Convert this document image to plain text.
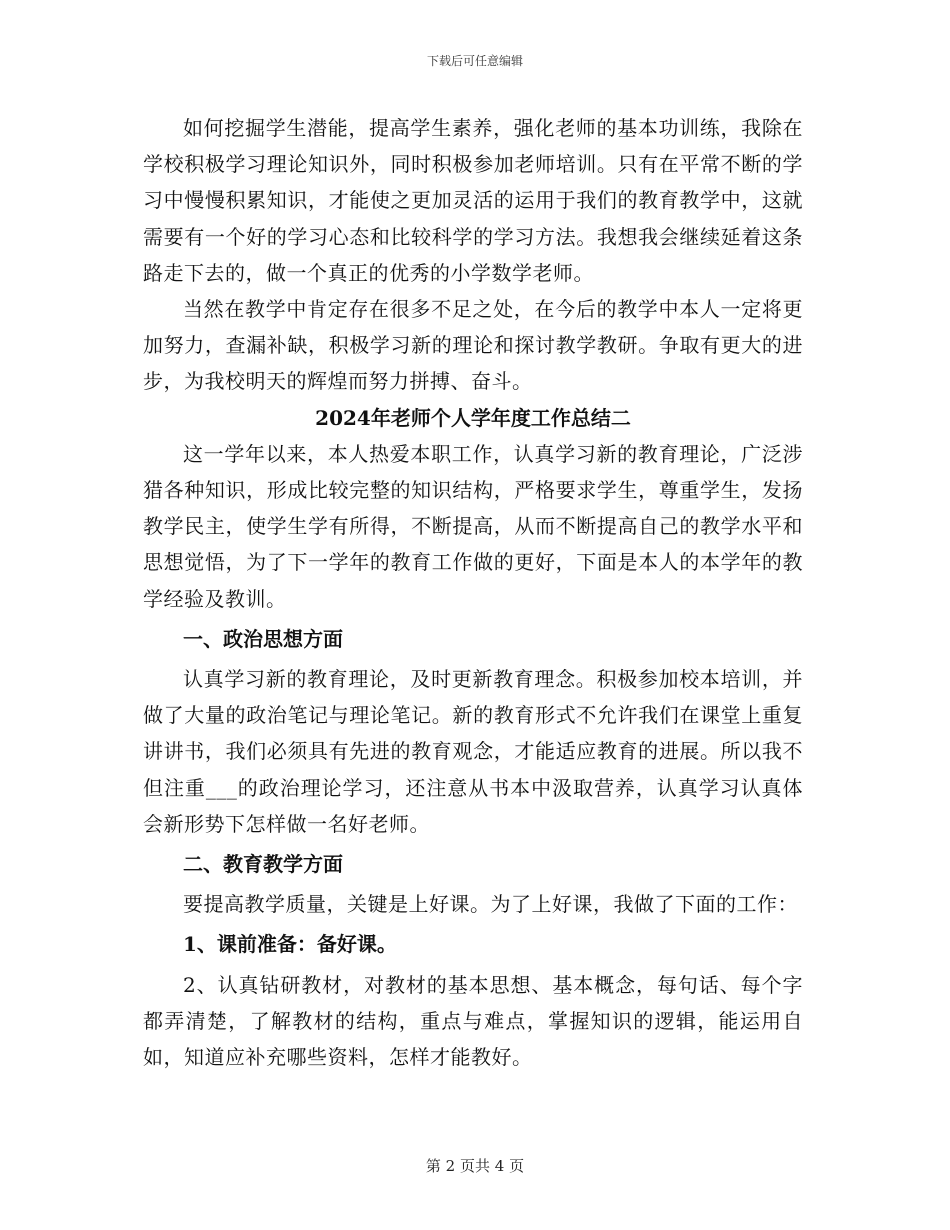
下载后可任意编辑

如何挖掘学生潜能，提高学生素养，强化老师的基本功训练，我除在学校积极学习理论知识外，同时积极参加老师培训。只有在平常不断的学习中慢慢积累知识，才能使之更加灵活的运用于我们的教育教学中，这就需要有一个好的学习心态和比较科学的学习方法。我想我会继续延着这条路走下去的，做一个真正的优秀的小学数学老师。

当然在教学中肯定存在很多不足之处，在今后的教学中本人一定将更加努力，查漏补缺，积极学习新的理论和探讨教学教研。争取有更大的进步，为我校明天的辉煌而努力拼搏、奋斗。

2024年老师个人学年度工作总结二

这一学年以来，本人热爱本职工作，认真学习新的教育理论，广泛涉猎各种知识，形成比较完整的知识结构，严格要求学生，尊重学生，发扬教学民主，使学生学有所得，不断提高，从而不断提高自己的教学水平和思想觉悟，为了下一学年的教育工作做的更好，下面是本人的本学年的教学经验及教训。

一、政治思想方面

认真学习新的教育理论，及时更新教育理念。积极参加校本培训，并做了大量的政治笔记与理论笔记。新的教育形式不允许我们在课堂上重复讲讲书，我们必须具有先进的教育观念，才能适应教育的进展。所以我不但注重___的政治理论学习，还注意从书本中汲取营养，认真学习认真体会新形势下怎样做一名好老师。

二、教育教学方面

要提高教学质量，关键是上好课。为了上好课，我做了下面的工作：

1、课前准备：备好课。

2、认真钻研教材，对教材的基本思想、基本概念，每句话、每个字都弄清楚，了解教材的结构，重点与难点，掌握知识的逻辑，能运用自如，知道应补充哪些资料，怎样才能教好。

第 2 页共 4 页
